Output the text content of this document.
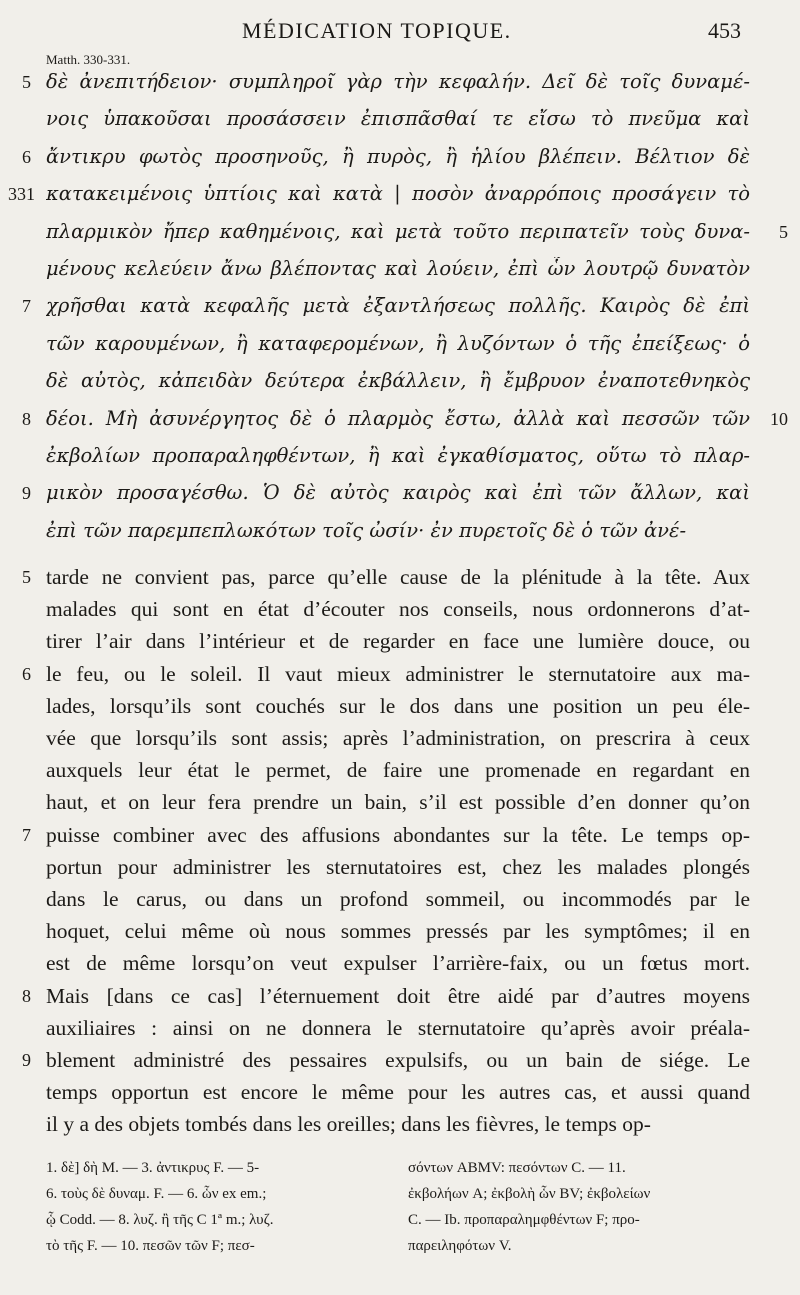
MÉDICATION TOPIQUE.	453
Matth. 330-331.
5 δὲ ἀνεπιτήδειον· συμπληροῖ γὰρ τὴν κεφαλήν. Δεῖ δὲ τοῖς δυναμέ-
νοις ὑπακοῦσαι προσάσσειν ἐπισπᾶσθαί τε εἴσω τὸ πνεῦμα καὶ
6 ἄντικρυ φωτὸς προσηνοῦς, ἢ πυρὸς, ἢ ἡλίου βλέπειν. Βέλτιον δὲ
331 κατακειμένοις ὑπτίοις καὶ κατὰ | ποσὸν ἀναρρόποις προσάγειν τὸ
πλαρμικὸν ἤπερ καθημένοις, καὶ μετὰ τοῦτο περιπατεῖν τοὺς δυνα- 5
μένους κελεύειν ἄνω βλέποντας καὶ λούειν, ἐπὶ ὧν λουτρῷ δυνατὸν
7 χρῆσθαι κατὰ κεφαλῆς μετὰ ἐξαντλήσεως πολλῆς. Καιρὸς δὲ ἐπὶ
τῶν καρουμένων, ἢ καταφερομένων, ἢ λυζόντων ὁ τῆς ἐπείξεως· ὁ
δὲ αὐτὸς, κἀπειδὰν δεύτερα ἐκβάλλειν, ἢ ἔμβρυον ἐναποτεθνηκὸς
8 δέοι. Μὴ ἀσυνέργητος δὲ ὁ πλαρμὸς ἔστω, ἀλλὰ καὶ πεσσῶν τῶν 10
ἐκβολίων προπαραληφθέντων, ἢ καὶ ἐγκαθίσματος, οὕτω τὸ πλαρ-
9 μικὸν προσαγέσθω. Ὁ δὲ αὐτὸς καιρὸς καὶ ἐπὶ τῶν ἄλλων, καὶ
ἐπὶ τῶν παρεμπεπλωκότων τοῖς ὠσίν· ἐν πυρετοῖς δὲ ὁ τῶν ἀνέ-
5 tarde ne convient pas, parce qu’elle cause de la plénitude à la tête. Aux
malades qui sont en état d’écouter nos conseils, nous ordonnerons d’at-
tirer l’air dans l’intérieur et de regarder en face une lumière douce, ou
6 le feu, ou le soleil. Il vaut mieux administrer le sternutatoire aux ma-
lades, lorsqu’ils sont couchés sur le dos dans une position un peu éle-
vée que lorsqu’ils sont assis; après l’administration, on prescrira à ceux
auxquels leur état le permet, de faire une promenade en regardant en
haut, et on leur fera prendre un bain, s’il est possible d’en donner qu’on
7 puisse combiner avec des affusions abondantes sur la tête. Le temps op-
portun pour administrer les sternutatoires est, chez les malades plongés
dans le carus, ou dans un profond sommeil, ou incommodés par le
hoquet, celui même où nous sommes pressés par les symptômes; il en
est de même lorsqu’on veut expulser l’arrière-faix, ou un fœtus mort.
8 Mais [dans ce cas] l’éternuement doit être aidé par d’autres moyens
auxiliaires : ainsi on ne donnera le sternutatoire qu’après avoir préala-
9 blement administré des pessaires expulsifs, ou un bain de siége. Le
temps opportun est encore le même pour les autres cas, et aussi quand
il y a des objets tombés dans les oreilles; dans les fièvres, le temps op-
1. δὲ] δὴ M. — 3. ἀντικρυς F. — 5-
6. τοὺς δὲ δυναμ. F. — 6. ὧν ex em.;
ᾧ Codd. — 8. λυζ. ἢ τῆς C 1ª m.; λυζ.
τὸ τῆς F. — 10. πεσῶν τῶν F; πεσ-
σόντων ABMV: πεσόντων C. — 11.
ἐκβολήων A; ἐκβολὴ ὧν BV; ἐκβολείων
C. — Ib. προπαραλημφθέντων F; προ-
παρειληφότων V.
